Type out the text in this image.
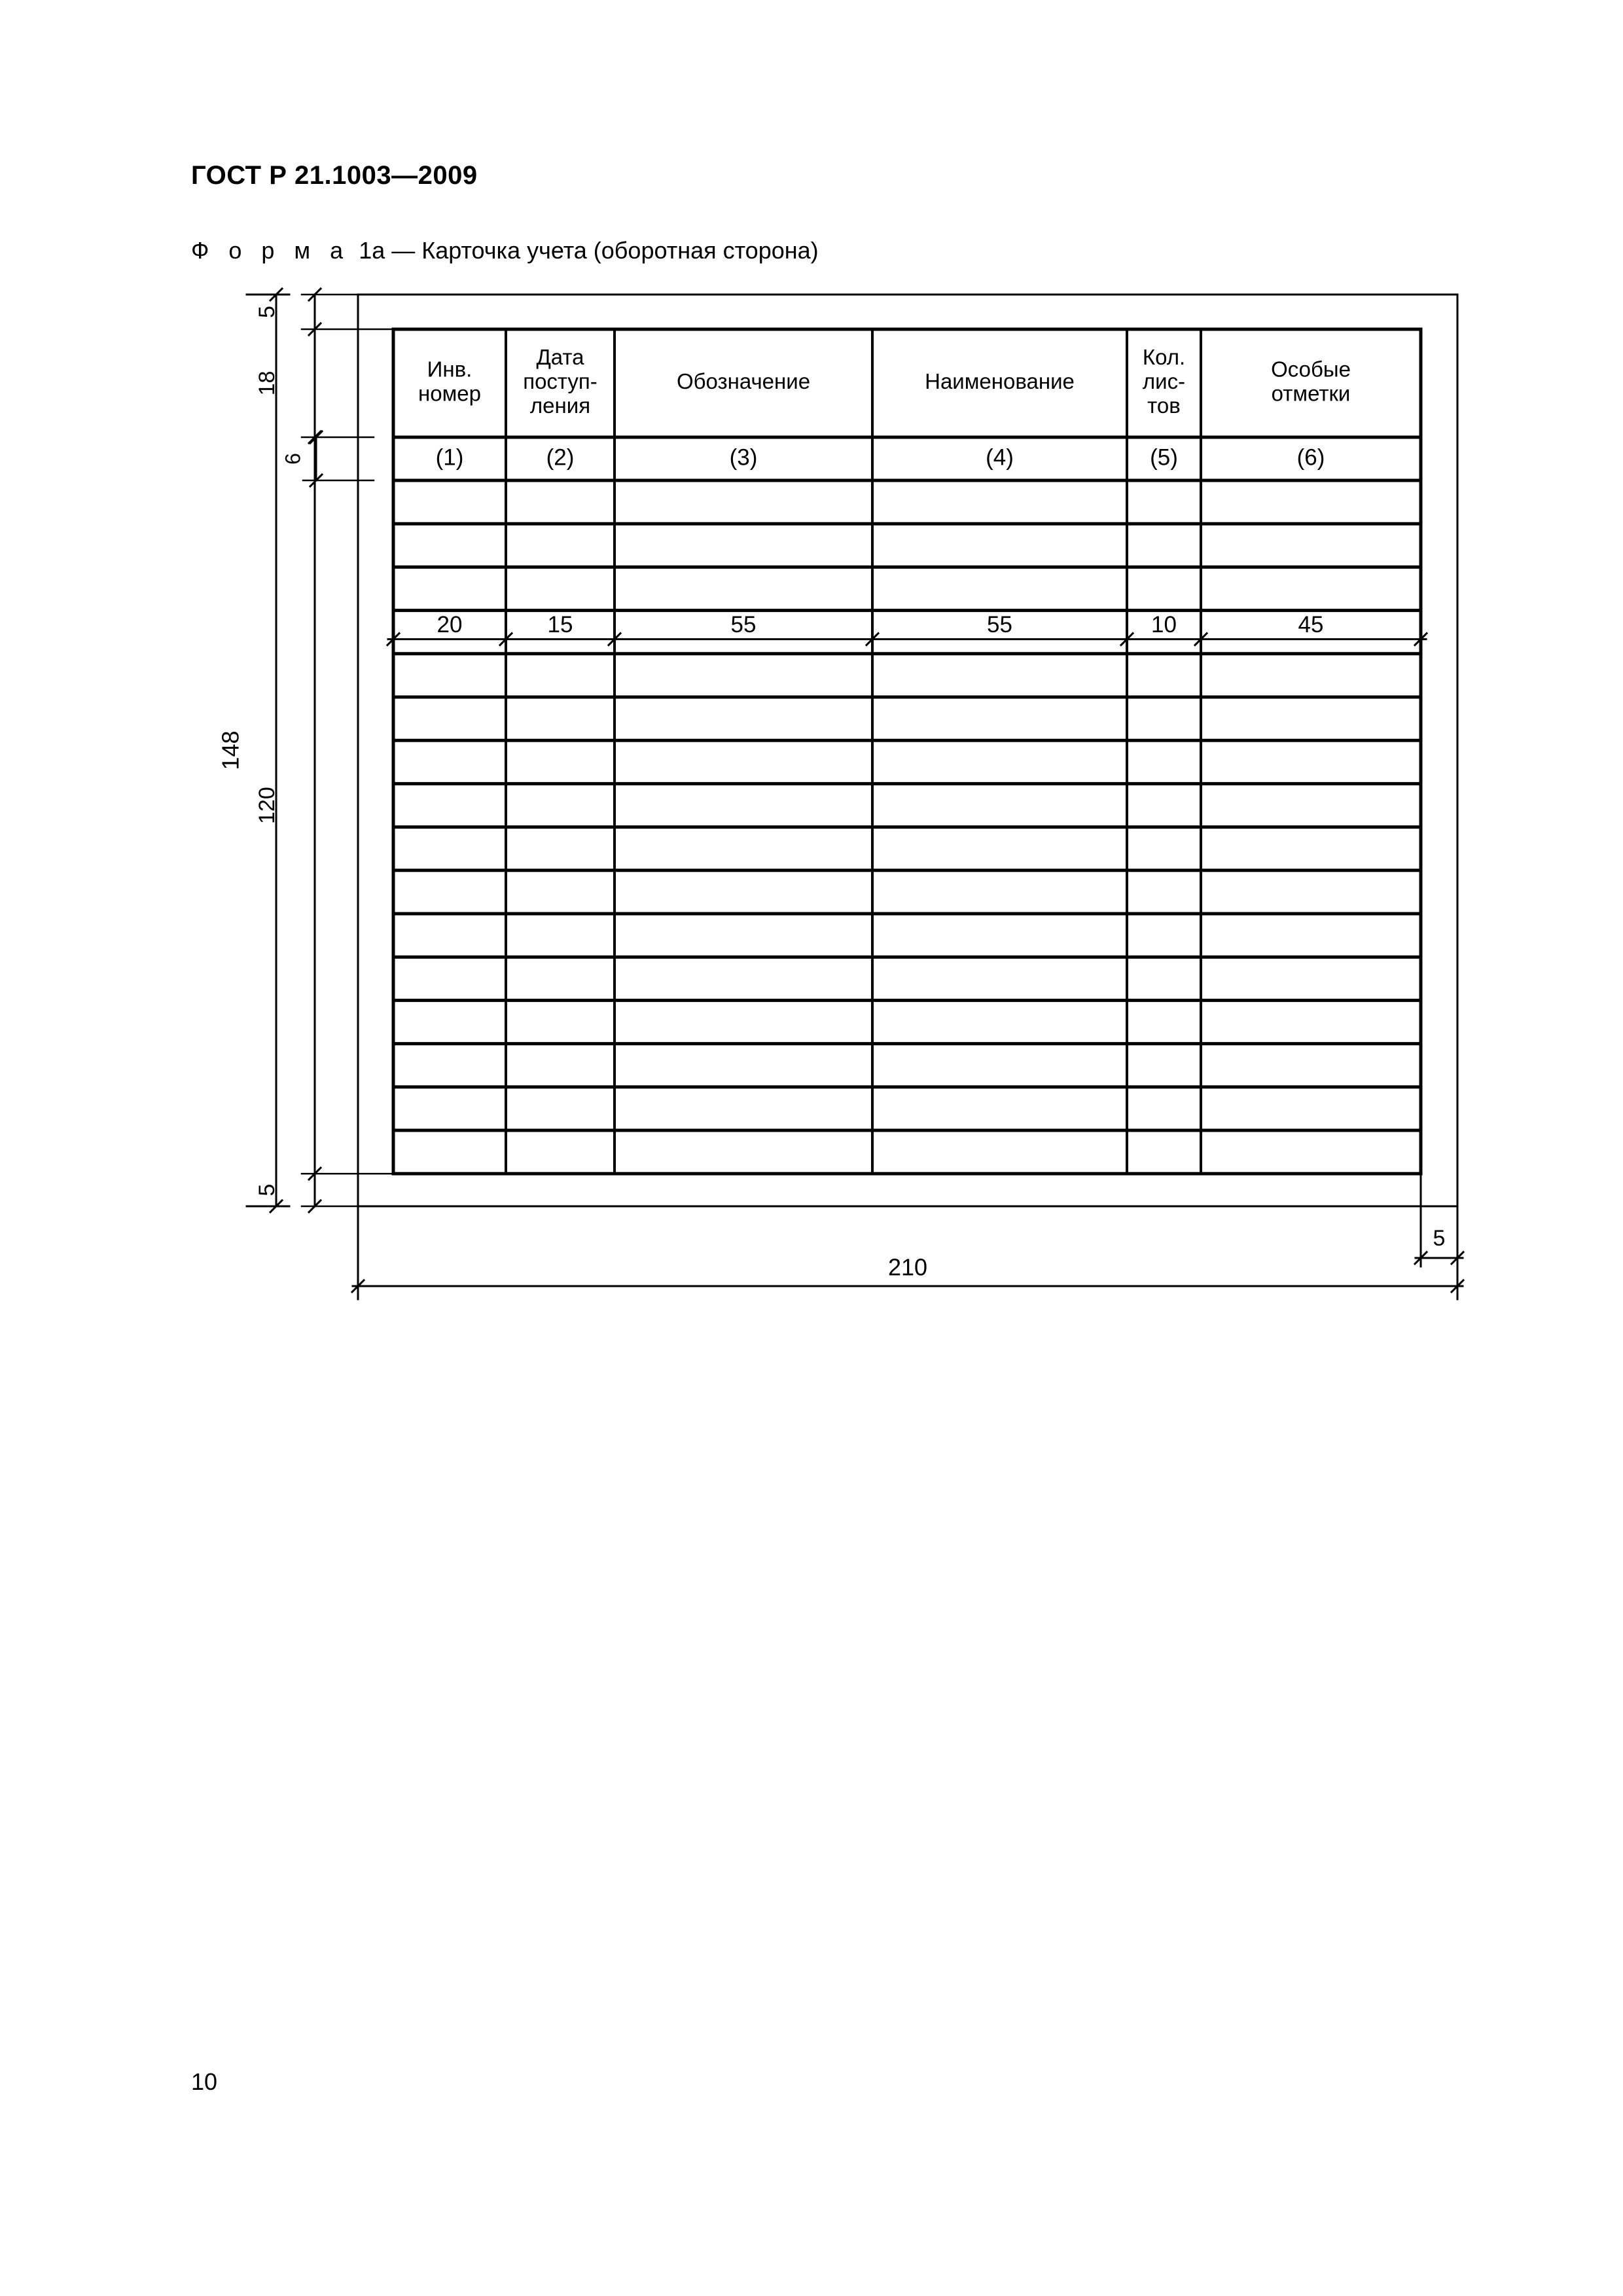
ГОСТ Р 21.1003—2009
Ф о р м а 1а — Карточка учета (оборотная сторона)
Инв.
номер
(1)
20
Дата
поступ-
ления
(2)
15
Обозначение
(3)
55
Наименование
(4)
55
Кол.
лис-
тов
(5)
10
Особые
отметки
(6)
45
148
5
18
120
5
6
210
5
10
